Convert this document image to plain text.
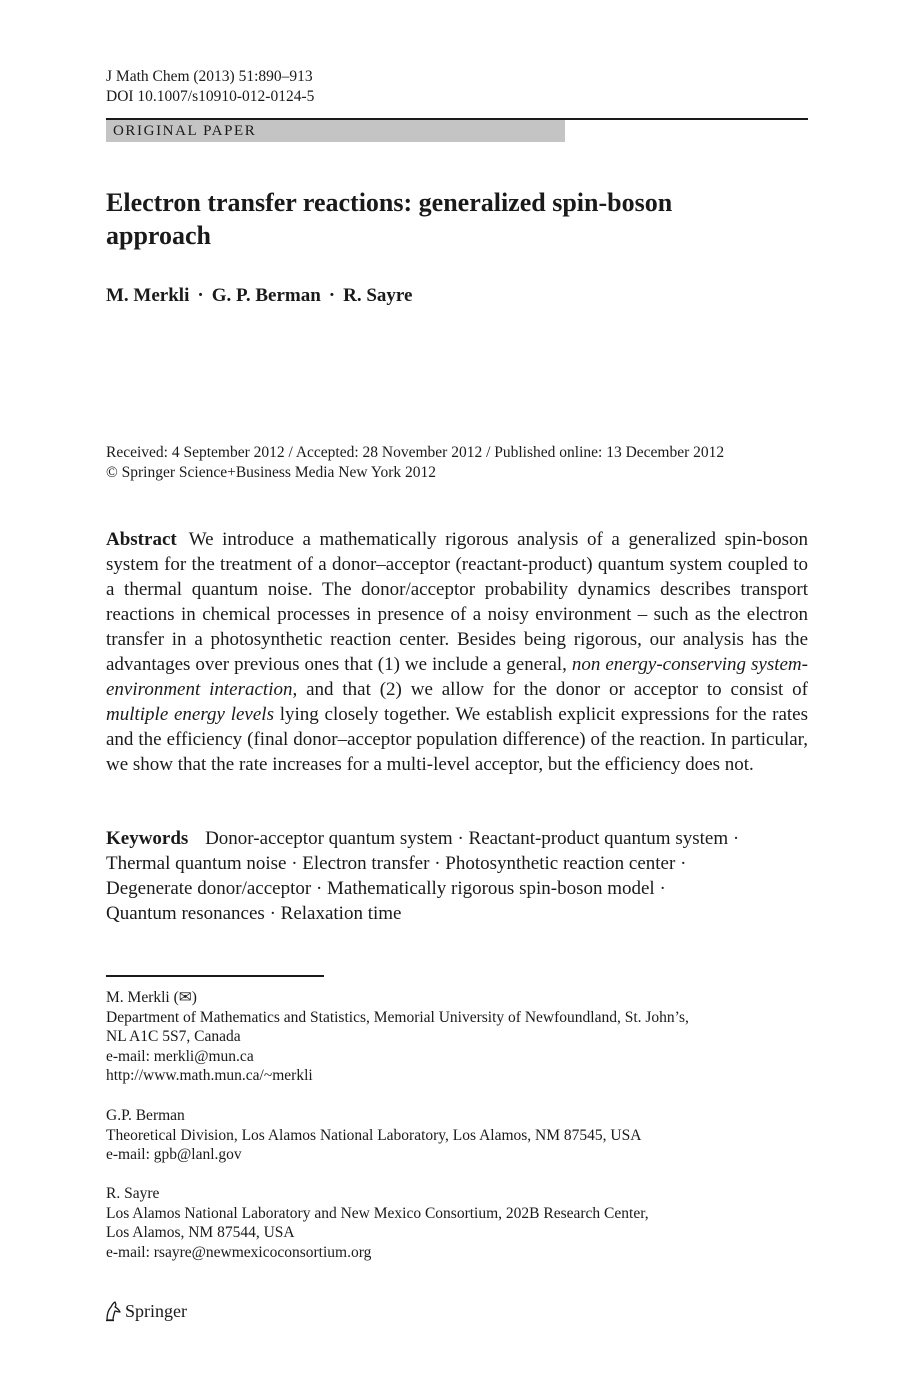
J Math Chem (2013) 51:890–913
DOI 10.1007/s10910-012-0124-5
ORIGINAL PAPER
Electron transfer reactions: generalized spin-boson
approach
M. Merkli · G. P. Berman · R. Sayre
Received: 4 September 2012 / Accepted: 28 November 2012 / Published online: 13 December 2012
© Springer Science+Business Media New York 2012
Abstract We introduce a mathematically rigorous analysis of a generalized spin-boson system for the treatment of a donor–acceptor (reactant-product) quantum system coupled to a thermal quantum noise. The donor/acceptor probability dynamics describes transport reactions in chemical processes in presence of a noisy environment – such as the electron transfer in a photosynthetic reaction center. Besides being rigorous, our analysis has the advantages over previous ones that (1) we include a general, non energy-conserving system-environment interaction, and that (2) we allow for the donor or acceptor to consist of multiple energy levels lying closely together. We establish explicit expressions for the rates and the efficiency (final donor–acceptor population difference) of the reaction. In particular, we show that the rate increases for a multi-level acceptor, but the efficiency does not.
Keywords Donor-acceptor quantum system · Reactant-product quantum system · Thermal quantum noise · Electron transfer · Photosynthetic reaction center · Degenerate donor/acceptor · Mathematically rigorous spin-boson model · Quantum resonances · Relaxation time
M. Merkli (✉)
Department of Mathematics and Statistics, Memorial University of Newfoundland, St. John’s,
NL A1C 5S7, Canada
e-mail: merkli@mun.ca
http://www.math.mun.ca/~merkli
G.P. Berman
Theoretical Division, Los Alamos National Laboratory, Los Alamos, NM 87545, USA
e-mail: gpb@lanl.gov
R. Sayre
Los Alamos National Laboratory and New Mexico Consortium, 202B Research Center,
Los Alamos, NM 87544, USA
e-mail: rsayre@newmexicoconsortium.org
Springer
